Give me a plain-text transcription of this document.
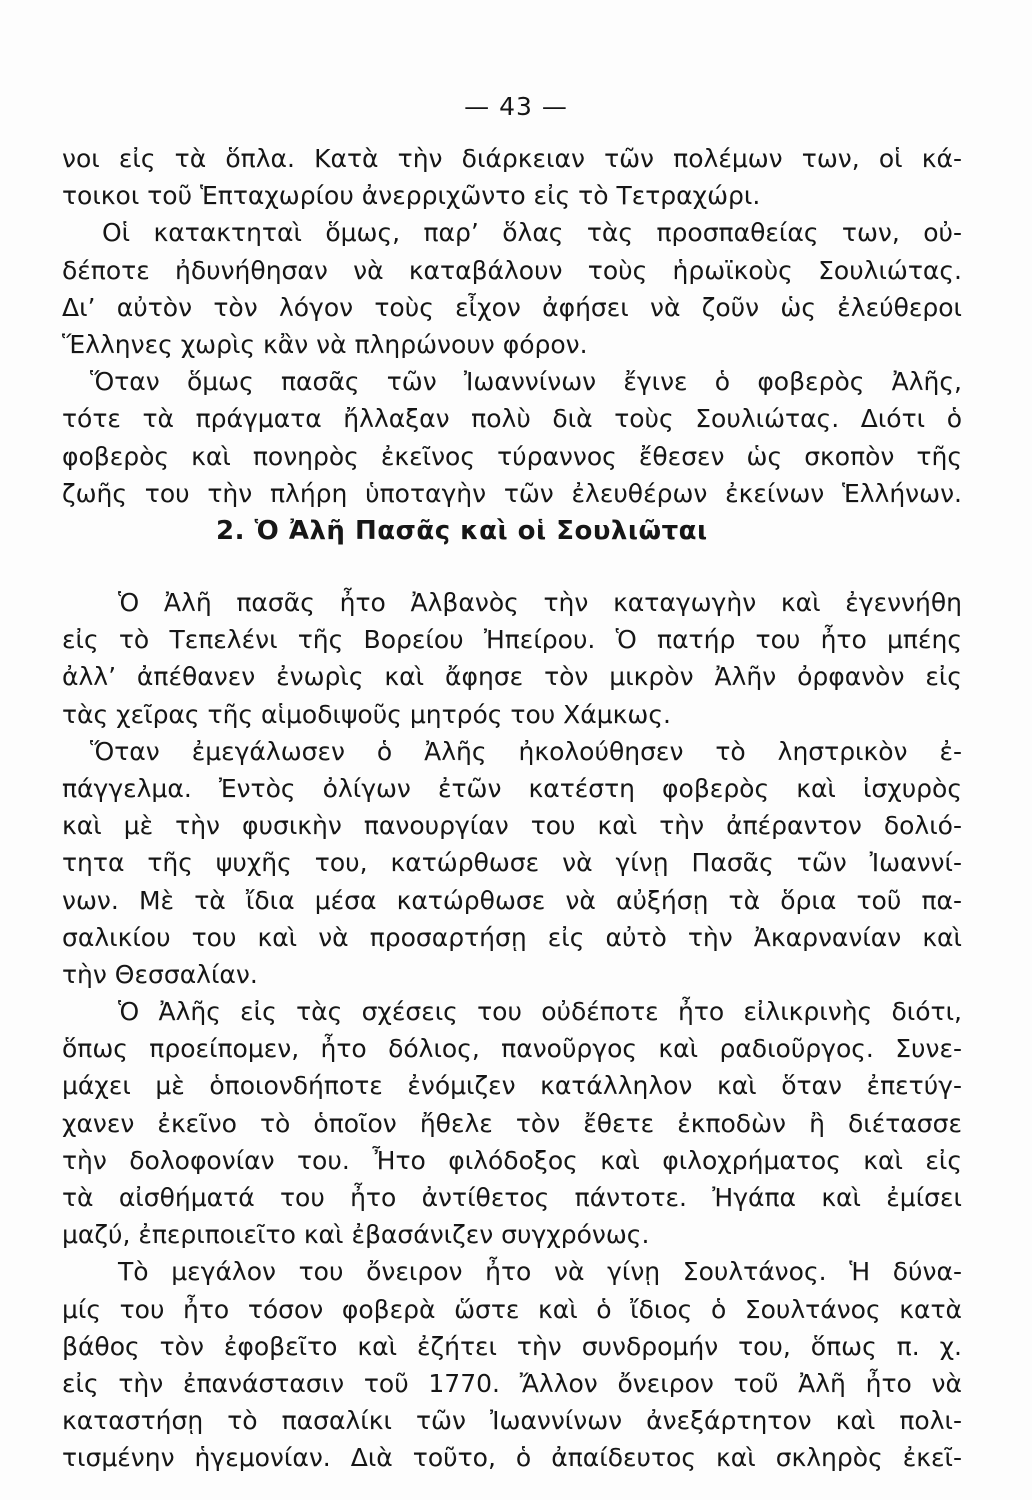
— 43 —
νοι εἰς τὰ ὅπλα. Κατὰ τὴν διάρκειαν τῶν πολέμων των, οἱ κά-
τοικοι τοῦ Ἑπταχωρίου ἀνερριχῶντο εἰς τὸ Τετραχώρι.
Οἱ κατακτηταὶ ὅμως, παρ’ ὅλας τὰς προσπαθείας των, οὐ-
δέποτε ἠδυνήθησαν νὰ καταβάλουν τοὺς ἡρωϊκοὺς Σουλιώτας.
Δι’ αὐτὸν τὸν λόγον τοὺς εἶχον ἀφήσει νὰ ζοῦν ὡς ἐλεύθεροι
Ἕλληνες χωρὶς κἂν νὰ πληρώνουν φόρον.
Ὅταν ὅμως πασᾶς τῶν Ἰωαννίνων ἔγινε ὁ φοβερὸς Ἀλῆς,
τότε τὰ πράγματα ἤλλαξαν πολὺ διὰ τοὺς Σουλιώτας. Διότι ὁ
φοβερὸς καὶ πονηρὸς ἐκεῖνος τύραννος ἔθεσεν ὡς σκοπὸν τῆς
ζωῆς του τὴν πλήρη ὑποταγὴν τῶν ἐλευθέρων ἐκείνων Ἑλλήνων.
2. Ὁ Ἀλῆ Πασᾶς καὶ οἱ Σουλιῶται
Ὁ Ἀλῆ πασᾶς ἦτο Ἀλβανὸς τὴν καταγωγὴν καὶ ἐγεννήθη
εἰς τὸ Τεπελένι τῆς Βορείου Ἠπείρου. Ὁ πατήρ του ἦτο μπέης
ἀλλ’ ἀπέθανεν ἐνωρὶς καὶ ἄφησε τὸν μικρὸν Ἀλῆν ὀρφανὸν εἰς
τὰς χεῖρας τῆς αἱμοδιψοῦς μητρός του Χάμκως.
Ὅταν ἐμεγάλωσεν ὁ Ἀλῆς ἠκολούθησεν τὸ ληστρικὸν ἐ-
πάγγελμα. Ἐντὸς ὀλίγων ἐτῶν κατέστη φοβερὸς καὶ ἰσχυρὸς
καὶ μὲ τὴν φυσικὴν πανουργίαν του καὶ τὴν ἀπέραντον δολιό-
τητα τῆς ψυχῆς του, κατώρθωσε νὰ γίνῃ Πασᾶς τῶν Ἰωαννί-
νων. Μὲ τὰ ἴδια μέσα κατώρθωσε νὰ αὐξήσῃ τὰ ὅρια τοῦ πα-
σαλικίου του καὶ νὰ προσαρτήσῃ εἰς αὐτὸ τὴν Ἀκαρνανίαν καὶ
τὴν Θεσσαλίαν.
Ὁ Ἀλῆς εἰς τὰς σχέσεις του οὐδέποτε ἦτο εἰλικρινὴς διότι,
ὅπως προείπομεν, ἦτο δόλιος, πανοῦργος καὶ ραδιοῦργος. Συνε-
μάχει μὲ ὁποιονδήποτε ἐνόμιζεν κατάλληλον καὶ ὅταν ἐπετύγ-
χανεν ἐκεῖνο τὸ ὁποῖον ἤθελε τὸν ἔθετε ἐκποδὼν ἢ διέτασσε
τὴν δολοφονίαν του. Ἦτο φιλόδοξος καὶ φιλοχρήματος καὶ εἰς
τὰ αἰσθήματά του ἦτο ἀντίθετος πάντοτε. Ἠγάπα καὶ ἐμίσει
μαζύ, ἐπεριποιεῖτο καὶ ἐβασάνιζεν συγχρόνως.
Τὸ μεγάλον του ὄνειρον ἦτο νὰ γίνῃ Σουλτάνος. Ἡ δύνα-
μίς του ἦτο τόσον φοβερὰ ὥστε καὶ ὁ ἴδιος ὁ Σουλτάνος κατὰ
βάθος τὸν ἐφοβεῖτο καὶ ἐζήτει τὴν συνδρομήν του, ὅπως π. χ.
εἰς τὴν ἐπανάστασιν τοῦ 1770. Ἄλλον ὄνειρον τοῦ Ἀλῆ ἦτο νὰ
καταστήσῃ τὸ πασαλίκι τῶν Ἰωαννίνων ἀνεξάρτητον καὶ πολι-
τισμένην ἡγεμονίαν. Διὰ τοῦτο, ὁ ἀπαίδευτος καὶ σκληρὸς ἐκεῖ-
